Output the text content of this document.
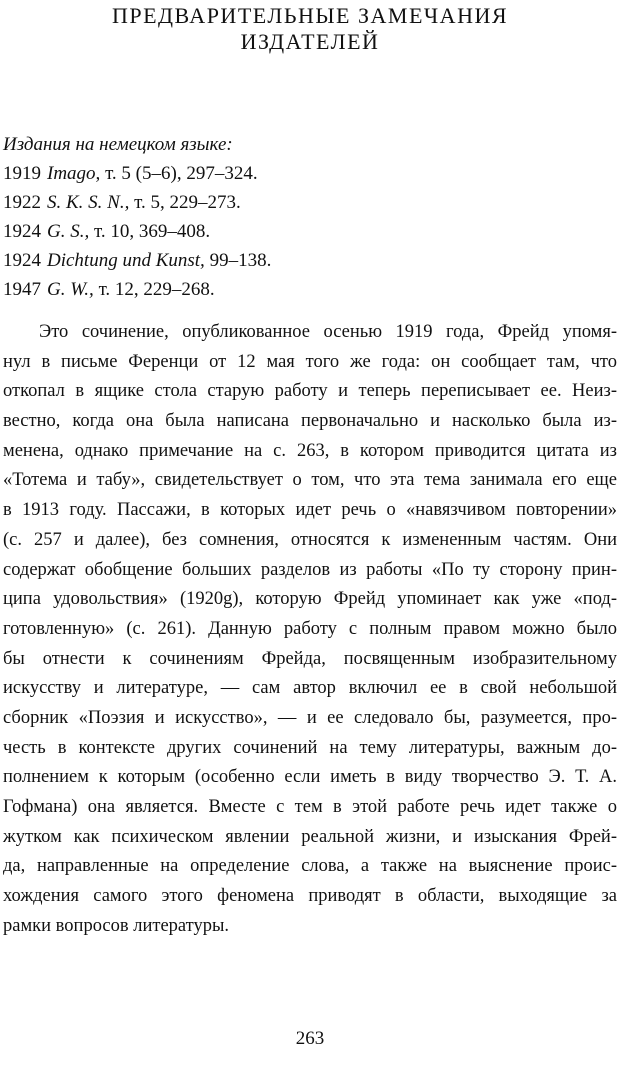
ПРЕДВАРИТЕЛЬНЫЕ ЗАМЕЧАНИЯ
ИЗДАТЕЛЕЙ
Издания на немецком языке:
1919 Imago, т. 5 (5–6), 297–324.
1922 S. K. S. N., т. 5, 229–273.
1924 G. S., т. 10, 369–408.
1924 Dichtung und Kunst, 99–138.
1947 G. W., т. 12, 229–268.
Это сочинение, опубликованное осенью 1919 года, Фрейд упомя-
нул в письме Ференци от 12 мая того же года: он сообщает там, что
откопал в ящике стола старую работу и теперь переписывает ее. Неиз-
вестно, когда она была написана первоначально и насколько была из-
менена, однако примечание на с. 263, в котором приводится цитата из
«Тотема и табу», свидетельствует о том, что эта тема занимала его еще
в 1913 году. Пассажи, в которых идет речь о «навязчивом повторении»
(с. 257 и далее), без сомнения, относятся к измененным частям. Они
содержат обобщение больших разделов из работы «По ту сторону прин-
ципа удовольствия» (1920g), которую Фрейд упоминает как уже «под-
готовленную» (с. 261). Данную работу с полным правом можно было
бы отнести к сочинениям Фрейда, посвященным изобразительному
искусству и литературе, — сам автор включил ее в свой небольшой
сборник «Поэзия и искусство», — и ее следовало бы, разумеется, про-
честь в контексте других сочинений на тему литературы, важным до-
полнением к которым (особенно если иметь в виду творчество Э. Т. А.
Гофмана) она является. Вместе с тем в этой работе речь идет также о
жутком как психическом явлении реальной жизни, и изыскания Фрей-
да, направленные на определение слова, а также на выяснение проис-
хождения самого этого феномена приводят в области, выходящие за
рамки вопросов литературы.
263
